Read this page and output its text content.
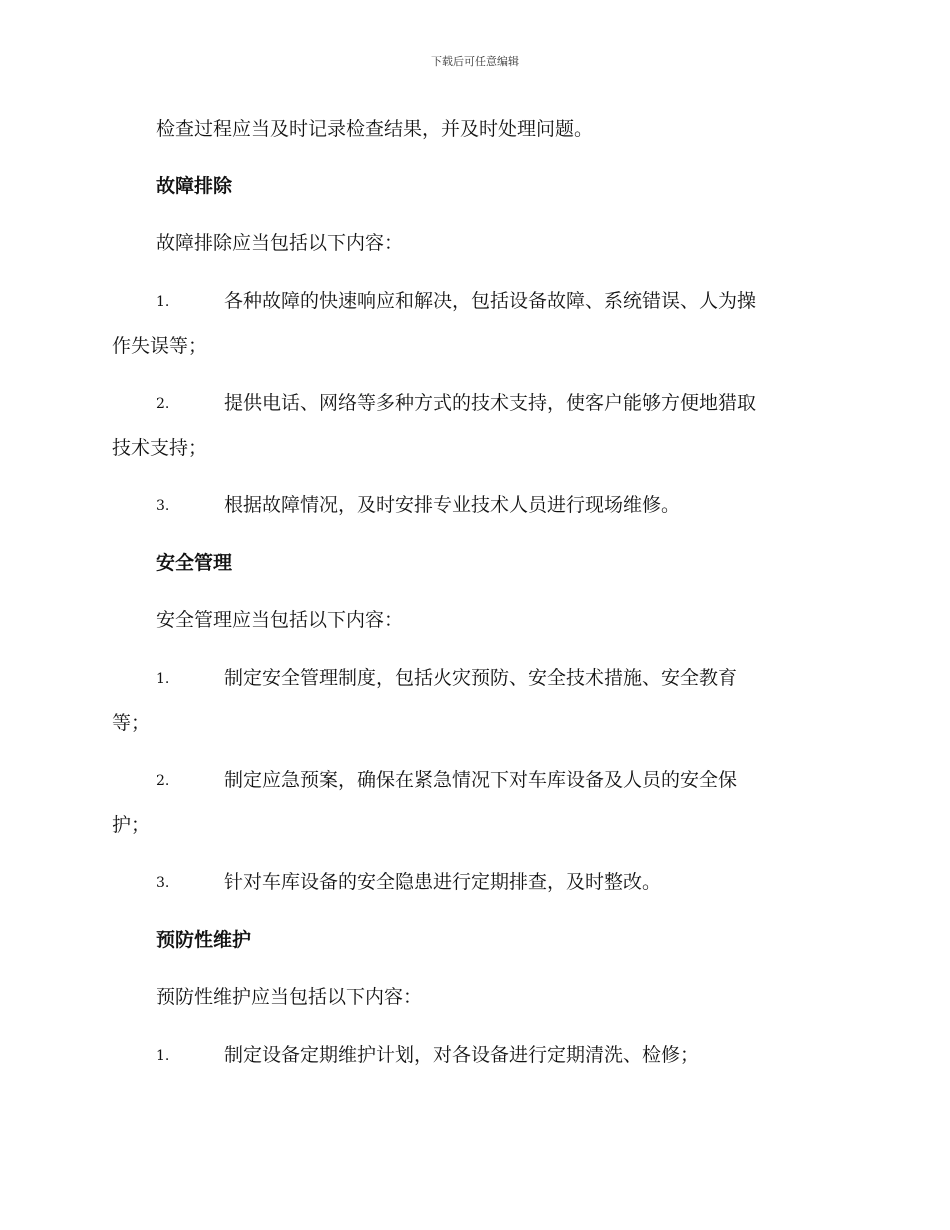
下载后可任意编辑
检查过程应当及时记录检查结果，并及时处理问题。
故障排除
故障排除应当包括以下内容：
1.	各种故障的快速响应和解决，包括设备故障、系统错误、人为操
作失误等；
2.	提供电话、网络等多种方式的技术支持，使客户能够方便地猎取
技术支持；
3.	根据故障情况，及时安排专业技术人员进行现场维修。
安全管理
安全管理应当包括以下内容：
1.	制定安全管理制度，包括火灾预防、安全技术措施、安全教育
等；
2.	制定应急预案，确保在紧急情况下对车库设备及人员的安全保
护；
3.	针对车库设备的安全隐患进行定期排查，及时整改。
预防性维护
预防性维护应当包括以下内容：
1.	制定设备定期维护计划，对各设备进行定期清洗、检修；
